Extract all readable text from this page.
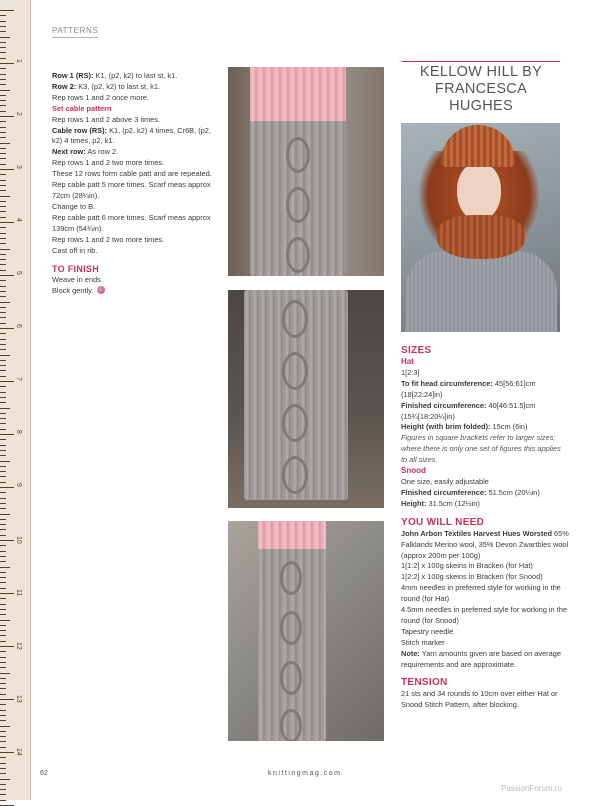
1
2
3
4
5
6
7
8
9
10
11
12
13
14
PATTERNS

Row 1 (RS): K1, (p2, k2) to last st, k1.

Row 2: K3, (p2, k2) to last st, k1.

Rep rows 1 and 2 once more.

Set cable pattern

Rep rows 1 and 2 above 3 times.

Cable row (RS): K1, (p2, k2) 4 times, Cr6B, (p2, k2) 4 times, p2, k1.

Next row: As row 2.

Rep rows 1 and 2 two more times.

These 12 rows form cable patt and are repeated.

Rep cable patt 5 more times. Scarf meas approx 72cm (28¼in).

Change to B.

Rep cable patt 6 more times. Scarf meas approx 139cm (54¾in).

Rep rows 1 and 2 two more times.

Cast off in rib.

TO FINISH

Weave in ends.

Block gently.

KELLOW HILL BY
FRANCESCA HUGHES

SIZES

Hat

1[2:3]

To fit head circumference: 45[56:61]cm (18[22:24]in)

Finished circumference: 40[46:51.5]cm (15¾[18:20¼]in)

Height (with brim folded): 15cm (6in)

Figures in square brackets refer to larger sizes; where there is only one set of figures this applies to all sizes.

Snood

One size, easily adjustable

Finished circumference: 51.5cm (20¼in)

Height: 31.5cm (12½in)

YOU WILL NEED

John Arbon Textiles Harvest Hues Worsted 65% Falklands Merino wool, 35% Devon Zwartbles wool (approx 200m per 100g)

1[1:2] x 100g skeins in Bracken (for Hat)

1[2:2] x 100g skeins in Bracken (for Snood)

4mm needles in preferred style for working in the round (for Hat)

4.5mm needles in preferred style for working in the round (for Snood)

Tapestry needle

Stitch marker

Note: Yarn amounts given are based on average requirements and are approximate.

TENSION

21 sts and 34 rounds to 10cm over either Hat or Snood Stitch Pattern, after blocking.

62	knittingmag.com
PassionForum.ru
